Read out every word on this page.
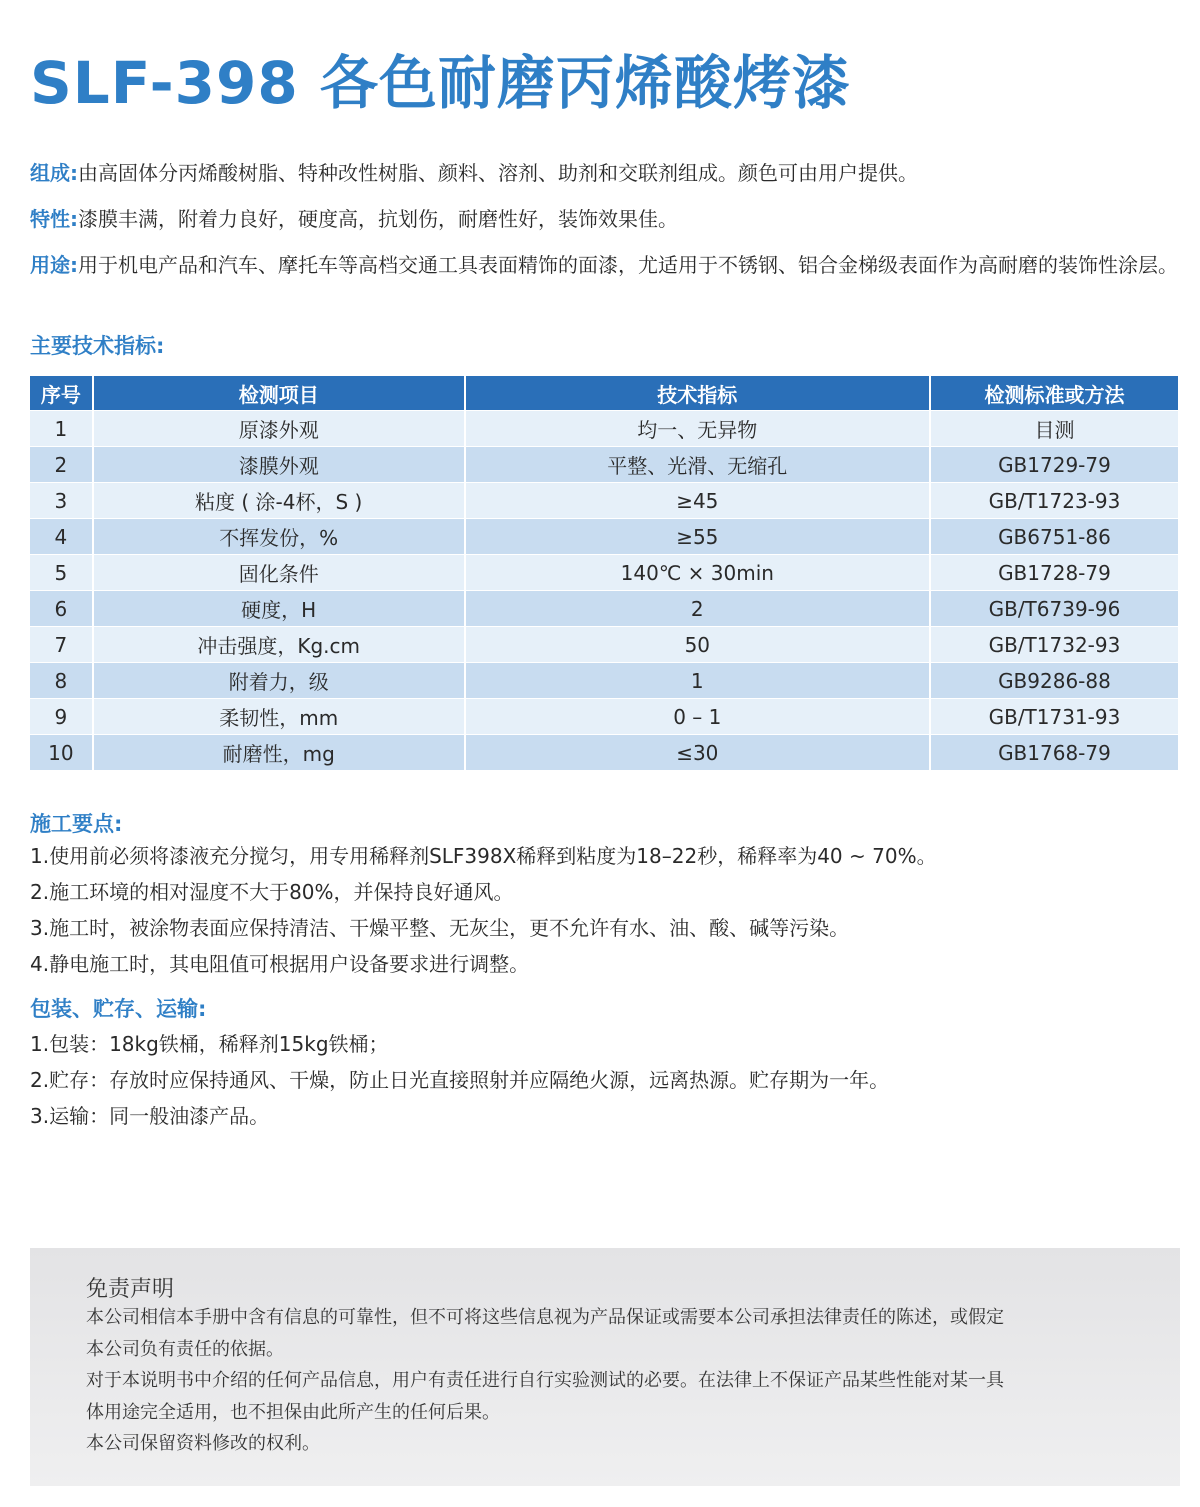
SLF-398 各色耐磨丙烯酸烤漆
组成: 由高固体分丙烯酸树脂、特种改性树脂、颜料、溶剂、助剂和交联剂组成。颜色可由用户提供。
特性: 漆膜丰满，附着力良好，硬度高，抗划伤，耐磨性好，装饰效果佳。
用途: 用于机电产品和汽车、摩托车等高档交通工具表面精饰的面漆，尤适用于不锈钢、铝合金梯级表面作为高耐磨的装饰性涂层。
主要技术指标:
序号	检测项目	技术指标	检测标准或方法
1	原漆外观	均一、无异物	目测
2	漆膜外观	平整、光滑、无缩孔	GB1729-79
3	粘度 ( 涂-4杯，S )	≥45	GB/T1723-93
4	不挥发份，%	≥55	GB6751-86
5	固化条件	140℃ × 30min	GB1728-79
6	硬度，H	2	GB/T6739-96
7	冲击强度，Kg.cm	50	GB/T1732-93
8	附着力，级	1	GB9286-88
9	柔韧性，mm	0 – 1	GB/T1731-93
10	耐磨性，mg	≤30	GB1768-79
施工要点:
1.使用前必须将漆液充分搅匀，用专用稀释剂SLF398X稀释到粘度为18–22秒，稀释率为40 ~ 70%。
2.施工环境的相对湿度不大于80%，并保持良好通风。
3.施工时，被涂物表面应保持清洁、干燥平整、无灰尘，更不允许有水、油、酸、碱等污染。
4.静电施工时，其电阻值可根据用户设备要求进行调整。
包装、贮存、运输:
1.包装：18kg铁桶，稀释剂15kg铁桶；
2.贮存：存放时应保持通风、干燥，防止日光直接照射并应隔绝火源，远离热源。贮存期为一年。
3.运输：同一般油漆产品。
免责声明
本公司相信本手册中含有信息的可靠性，但不可将这些信息视为产品保证或需要本公司承担法律责任的陈述，或假定
本公司负有责任的依据。
对于本说明书中介绍的任何产品信息，用户有责任进行自行实验测试的必要。在法律上不保证产品某些性能对某一具
体用途完全适用，也不担保由此所产生的任何后果。
本公司保留资料修改的权利。
